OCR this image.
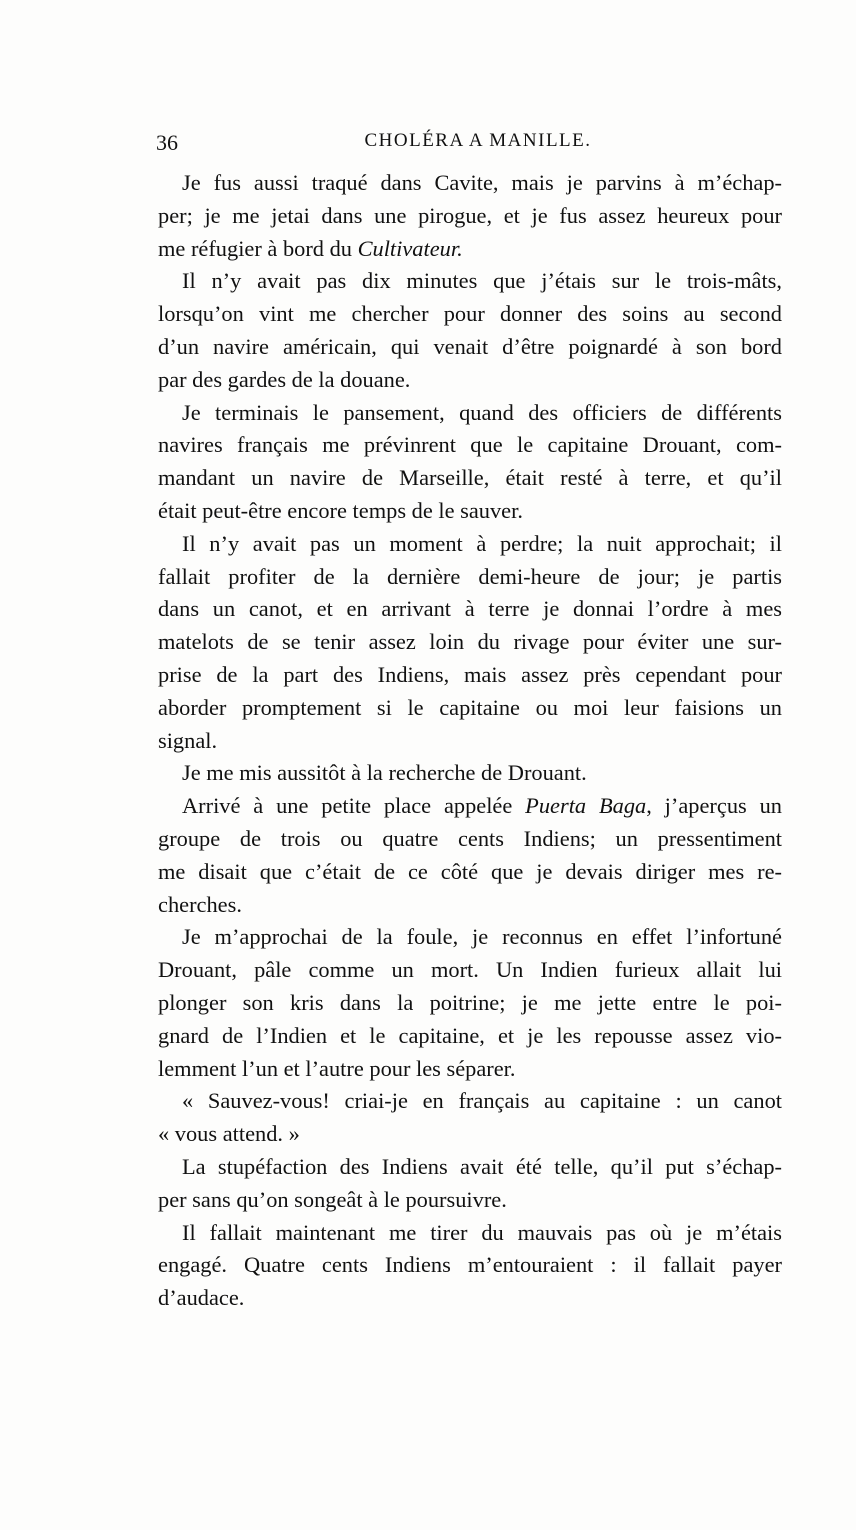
36	CHOLÉRA A MANILLE.

Je fus aussi traqué dans Cavite, mais je parvins à m’échap-
per; je me jetai dans une pirogue, et je fus assez heureux pour
me réfugier à bord du Cultivateur.

Il n’y avait pas dix minutes que j’étais sur le trois-mâts,
lorsqu’on vint me chercher pour donner des soins au second
d’un navire américain, qui venait d’être poignardé à son bord
par des gardes de la douane.

Je terminais le pansement, quand des officiers de différents
navires français me prévinrent que le capitaine Drouant, com-
mandant un navire de Marseille, était resté à terre, et qu’il
était peut-être encore temps de le sauver.

Il n’y avait pas un moment à perdre; la nuit approchait; il
fallait profiter de la dernière demi-heure de jour; je partis
dans un canot, et en arrivant à terre je donnai l’ordre à mes
matelots de se tenir assez loin du rivage pour éviter une sur-
prise de la part des Indiens, mais assez près cependant pour
aborder promptement si le capitaine ou moi leur faisions un
signal.

Je me mis aussitôt à la recherche de Drouant.

Arrivé à une petite place appelée Puerta Baga, j’aperçus un
groupe de trois ou quatre cents Indiens; un pressentiment
me disait que c’était de ce côté que je devais diriger mes re-
cherches.

Je m’approchai de la foule, je reconnus en effet l’infortuné
Drouant, pâle comme un mort. Un Indien furieux allait lui
plonger son kris dans la poitrine; je me jette entre le poi-
gnard de l’Indien et le capitaine, et je les repousse assez vio-
lemment l’un et l’autre pour les séparer.

« Sauvez-vous! criai-je en français au capitaine : un canot
« vous attend. »

La stupéfaction des Indiens avait été telle, qu’il put s’échap-
per sans qu’on songeât à le poursuivre.

Il fallait maintenant me tirer du mauvais pas où je m’étais
engagé. Quatre cents Indiens m’entouraient : il fallait payer
d’audace.
